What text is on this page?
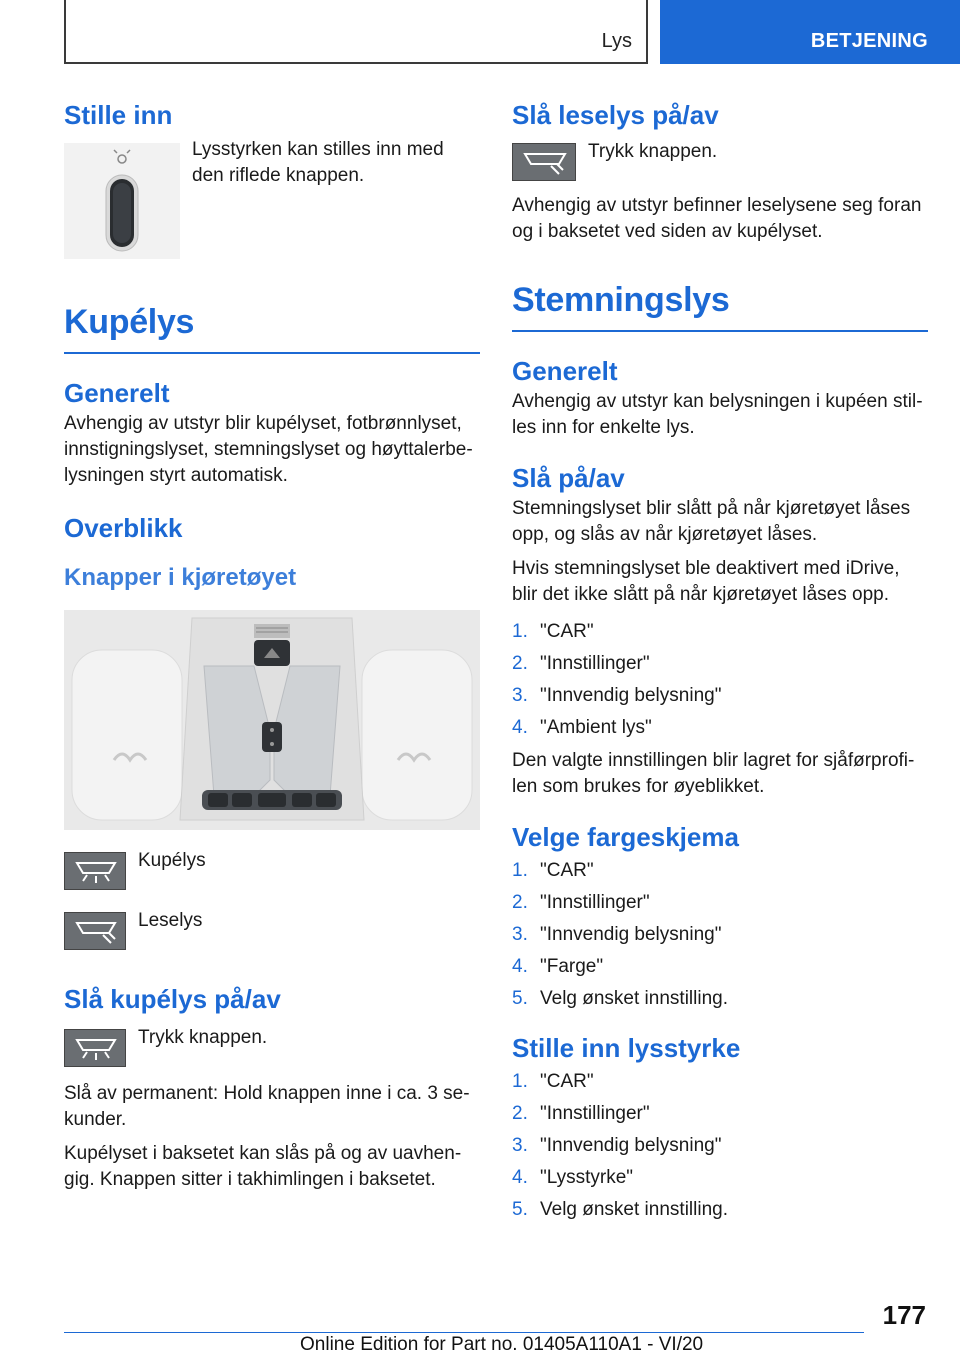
Lys	BETJENING
Stille inn

Lysstyrken kan stilles inn med den riflede knappen.

Kupélys
Generelt

Avhengig av utstyr blir kupélyset, fotbrønnlyset, innstigningslyset, stemningslyset og høyttalerbelysningen styrt automatisk.

Overblikk
Knapper i kjøretøyet

Kupélys

Leselys

Slå kupélys på/av

Trykk knappen.

Slå av permanent: Hold knappen inne i ca. 3 sekunder.

Kupélyset i baksetet kan slås på og av uavhengig. Knappen sitter i takhimlingen i baksetet.

Slå leselys på/av

Trykk knappen.

Avhengig av utstyr befinner leselysene seg foran og i baksetet ved siden av kupélyset.

Stemningslys
Generelt

Avhengig av utstyr kan belysningen i kupéen stilles inn for enkelte lys.

Slå på/av

Stemningslyset blir slått på når kjøretøyet låses opp, og slås av når kjøretøyet låses.

Hvis stemningslyset ble deaktivert med iDrive, blir det ikke slått på når kjøretøyet låses opp.

1. "CAR"
2. "Innstillinger"
3. "Innvendig belysning"
4. "Ambient lys"

Den valgte innstillingen blir lagret for sjåførprofilen som brukes for øyeblikket.

Velge fargeskjema
1. "CAR"
2. "Innstillinger"
3. "Innvendig belysning"
4. "Farge"
5. Velg ønsket innstilling.
Stille inn lysstyrke
1. "CAR"
2. "Innstillinger"
3. "Innvendig belysning"
4. "Lysstyrke"
5. Velg ønsket innstilling.
177
Online Edition for Part no. 01405A110A1 - VI/20
